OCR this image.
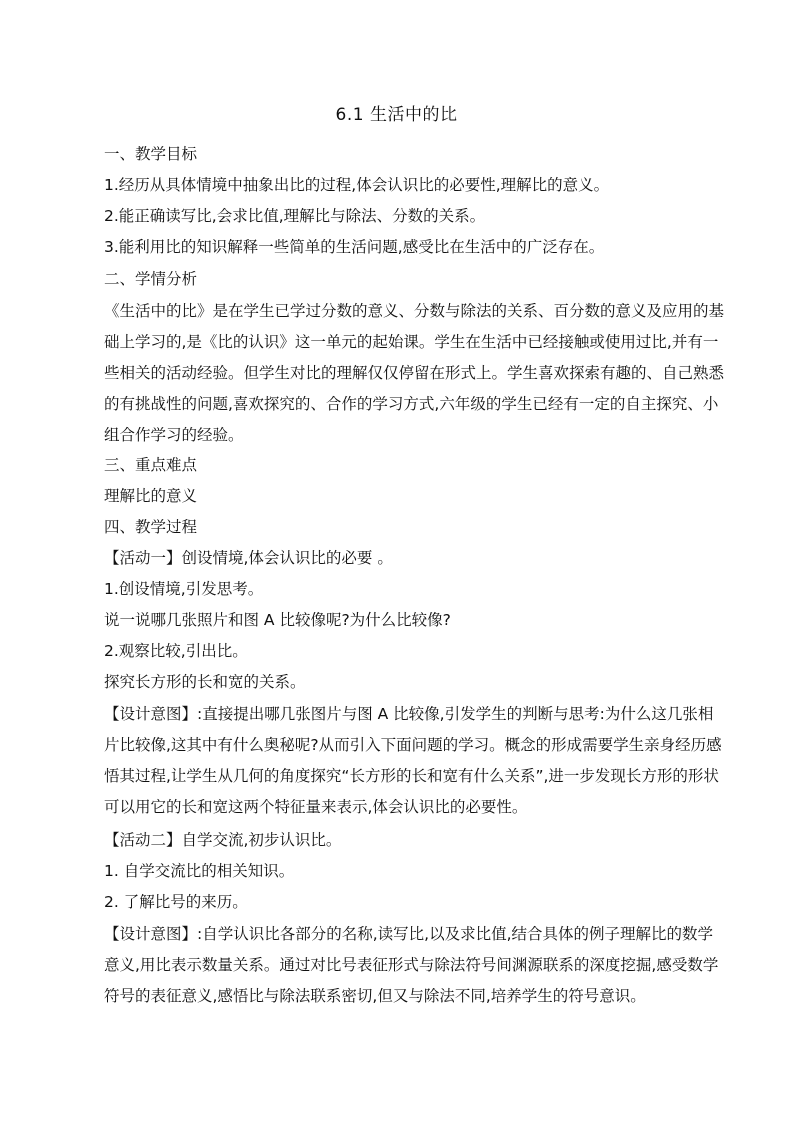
6.1 生活中的比
一、教学目标
1.经历从具体情境中抽象出比的过程,体会认识比的必要性,理解比的意义。
2.能正确读写比,会求比值,理解比与除法、分数的关系。
3.能利用比的知识解释一些简单的生活问题,感受比在生活中的广泛存在。
二、学情分析
《生活中的比》是在学生已学过分数的意义、分数与除法的关系、百分数的意义及应用的基础上学习的,是《比的认识》这一单元的起始课。学生在生活中已经接触或使用过比,并有一些相关的活动经验。但学生对比的理解仅仅停留在形式上。学生喜欢探索有趣的、自己熟悉的有挑战性的问题,喜欢探究的、合作的学习方式,六年级的学生已经有一定的自主探究、小组合作学习的经验。
三、重点难点
理解比的意义
四、教学过程
【活动一】创设情境,体会认识比的必要 。
1.创设情境,引发思考。
说一说哪几张照片和图 A 比较像呢?为什么比较像?
2.观察比较,引出比。
探究长方形的长和宽的关系。
【设计意图】:直接提出哪几张图片与图 A 比较像,引发学生的判断与思考:为什么这几张相片比较像,这其中有什么奥秘呢?从而引入下面问题的学习。概念的形成需要学生亲身经历感悟其过程,让学生从几何的角度探究“长方形的长和宽有什么关系”,进一步发现长方形的形状可以用它的长和宽这两个特征量来表示,体会认识比的必要性。
【活动二】自学交流,初步认识比。
1. 自学交流比的相关知识。
2. 了解比号的来历。
【设计意图】:自学认识比各部分的名称,读写比,以及求比值,结合具体的例子理解比的数学意义,用比表示数量关系。通过对比号表征形式与除法符号间渊源联系的深度挖掘,感受数学符号的表征意义,感悟比与除法联系密切,但又与除法不同,培养学生的符号意识。
